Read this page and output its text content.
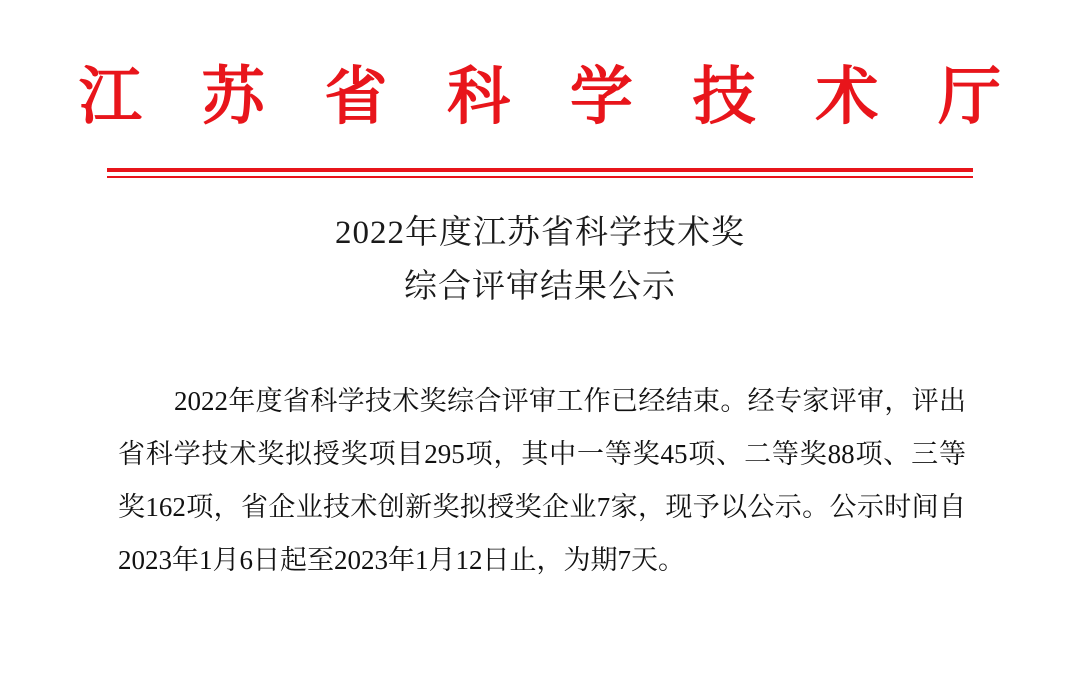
江 苏 省 科 学 技 术 厅
2022年度江苏省科学技术奖
综合评审结果公示

2022年度省科学技术奖综合评审工作已经结束。经专家评审，评出省科学技术奖拟授奖项目295项，其中一等奖45项、二等奖88项、三等奖162项，省企业技术创新奖拟授奖企业7家，现予以公示。公示时间自2023年1月6日起至2023年1月12日止，为期7天。
